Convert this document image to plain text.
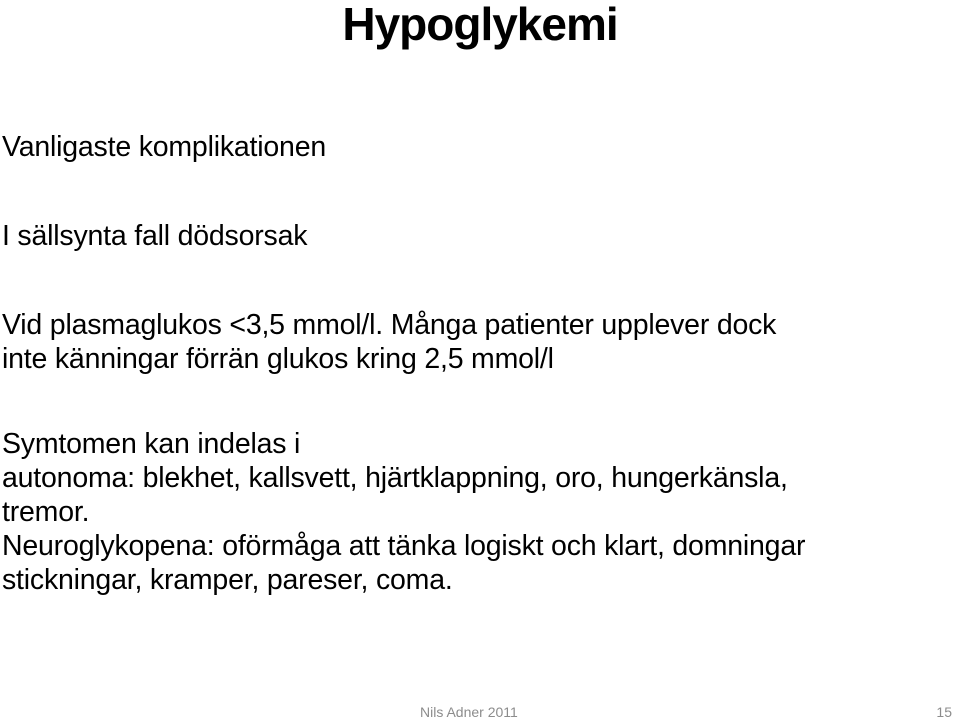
Hypoglykemi
Vanligaste komplikationen
I sällsynta fall dödsorsak
Vid plasmaglukos <3,5 mmol/l. Många patienter upplever dock
inte känningar förrän glukos kring 2,5 mmol/l
Symtomen kan indelas i
autonoma: blekhet, kallsvett, hjärtklappning, oro, hungerkänsla,
tremor.
Neuroglykopena: oförmåga att tänka logiskt och klart, domningar
stickningar, kramper, pareser, coma.
Nils Adner 2011	15
